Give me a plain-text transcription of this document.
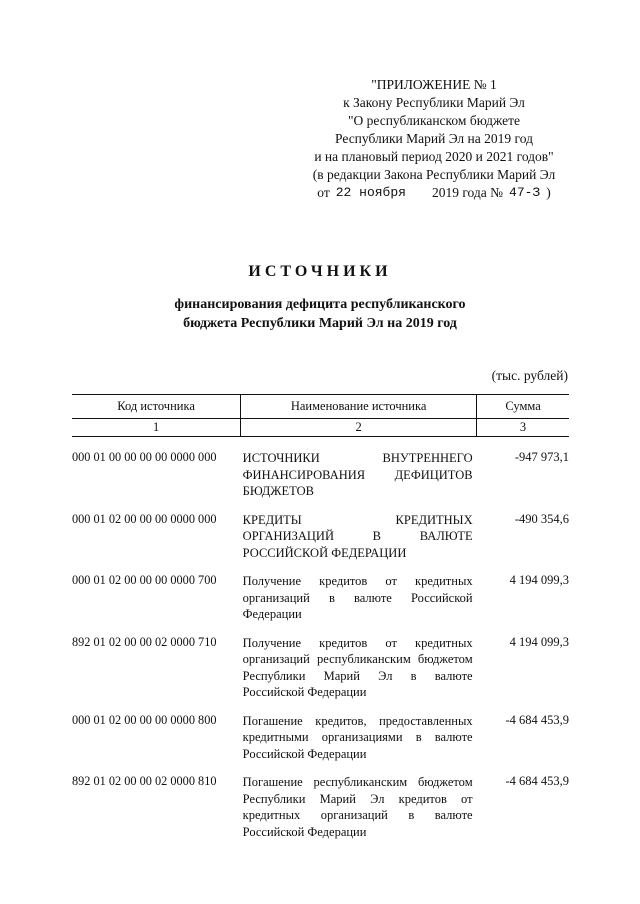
"ПРИЛОЖЕНИЕ № 1
к Закону Республики Марий Эл
"О республиканском бюджете
Республики Марий Эл на 2019 год
и на плановый период 2020 и 2021 годов"
(в редакции Закона Республики Марий Эл
от 22 ноября 2019 года № 47-З )
ИСТОЧНИКИ
финансирования дефицита республиканского
бюджета Республики Марий Эл на 2019 год
(тыс. рублей)
Код источника	Наименование источника	Сумма
1	2	3

000 01 00 00 00 00 0000 000	ИСТОЧНИКИ ВНУТРЕННЕГО ФИНАНСИРОВАНИЯ ДЕФИЦИТОВ БЮДЖЕТОВ	-947 973,1
000 01 02 00 00 00 0000 000	КРЕДИТЫ КРЕДИТНЫХ ОРГАНИЗАЦИЙ В ВАЛЮТЕ РОССИЙСКОЙ ФЕДЕРАЦИИ	-490 354,6
000 01 02 00 00 00 0000 700	Получение кредитов от кредитных организаций в валюте Российской Федерации	4 194 099,3
892 01 02 00 00 02 0000 710	Получение кредитов от кредитных организаций республиканским бюджетом Республики Марий Эл в валюте Российской Федерации	4 194 099,3
000 01 02 00 00 00 0000 800	Погашение кредитов, предоставленных кредитными организациями в валюте Российской Федерации	-4 684 453,9
892 01 02 00 00 02 0000 810	Погашение республиканским бюджетом Республики Марий Эл кредитов от кредитных организаций в валюте Российской Федерации	-4 684 453,9
